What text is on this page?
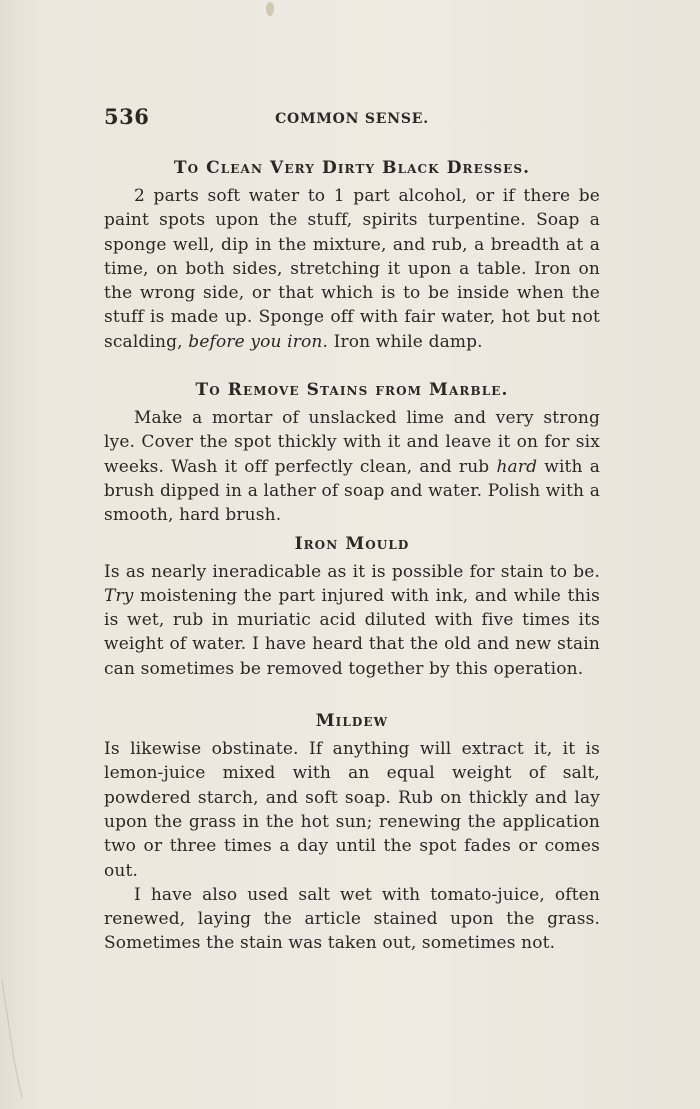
536	COMMON SENSE.
To Clean Very Dirty Black Dresses.

2 parts soft water to 1 part alcohol, or if there be paint spots upon the stuff, spirits turpentine. Soap a sponge well, dip in the mixture, and rub, a breadth at a time, on both sides, stretching it upon a table. Iron on the wrong side, or that which is to be inside when the stuff is made up. Sponge off with fair water, hot but not scalding, before you iron. Iron while damp.

To Remove Stains from Marble.

Make a mortar of unslacked lime and very strong lye. Cover the spot thickly with it and leave it on for six weeks. Wash it off perfectly clean, and rub hard with a brush dipped in a lather of soap and water. Polish with a smooth, hard brush.

Iron Mould

Is as nearly ineradicable as it is possible for stain to be. Try moistening the part injured with ink, and while this is wet, rub in muriatic acid diluted with five times its weight of water. I have heard that the old and new stain can sometimes be removed together by this operation.

Mildew

Is likewise obstinate. If anything will extract it, it is lemon-juice mixed with an equal weight of salt, powdered starch, and soft soap. Rub on thickly and lay upon the grass in the hot sun; renewing the application two or three times a day until the spot fades or comes out.

I have also used salt wet with tomato-juice, often renewed, laying the article stained upon the grass. Sometimes the stain was taken out, sometimes not.
